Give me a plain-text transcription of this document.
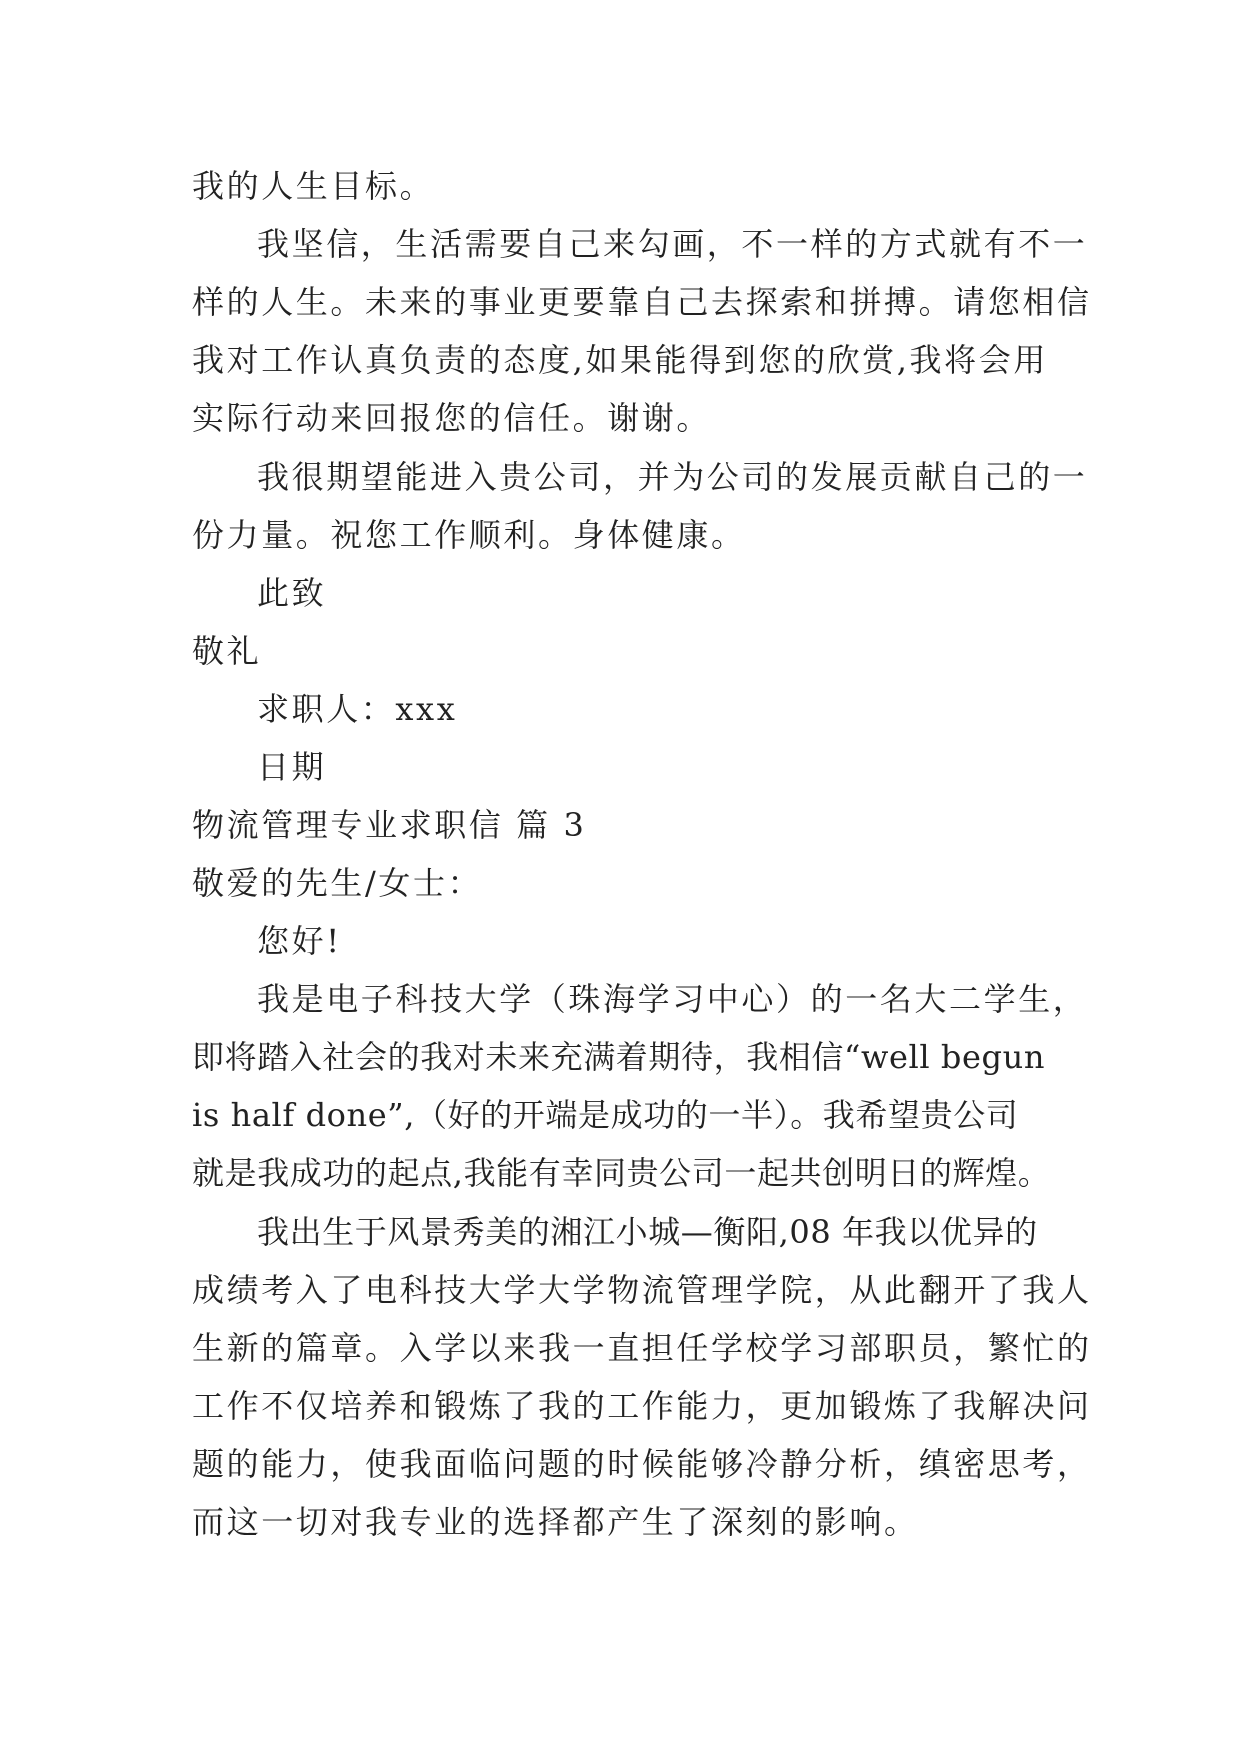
我的人生目标。

我坚信，生活需要自己来勾画，不一样的方式就有不一

样的人生。未来的事业更要靠自己去探索和拼搏。请您相信

我对工作认真负责的态度,如果能得到您的欣赏,我将会用

实际行动来回报您的信任。谢谢。

我很期望能进入贵公司，并为公司的发展贡献自己的一

份力量。祝您工作顺利。身体健康。

此致

敬礼

求职人：xxx

日期

物流管理专业求职信 篇 3

敬爱的先生/女士：

您好!

我是电子科技大学（珠海学习中心）的一名大二学生，

即将踏入社会的我对未来充满着期待，我相信“well begun

is half done”,（好的开端是成功的一半）。我希望贵公司

就是我成功的起点,我能有幸同贵公司一起共创明日的辉煌。

我出生于风景秀美的湘江小城—衡阳,08 年我以优异的

成绩考入了电科技大学大学物流管理学院，从此翻开了我人

生新的篇章。入学以来我一直担任学校学习部职员，繁忙的

工作不仅培养和锻炼了我的工作能力，更加锻炼了我解决问

题的能力，使我面临问题的时候能够冷静分析，缜密思考，

而这一切对我专业的选择都产生了深刻的影响。
